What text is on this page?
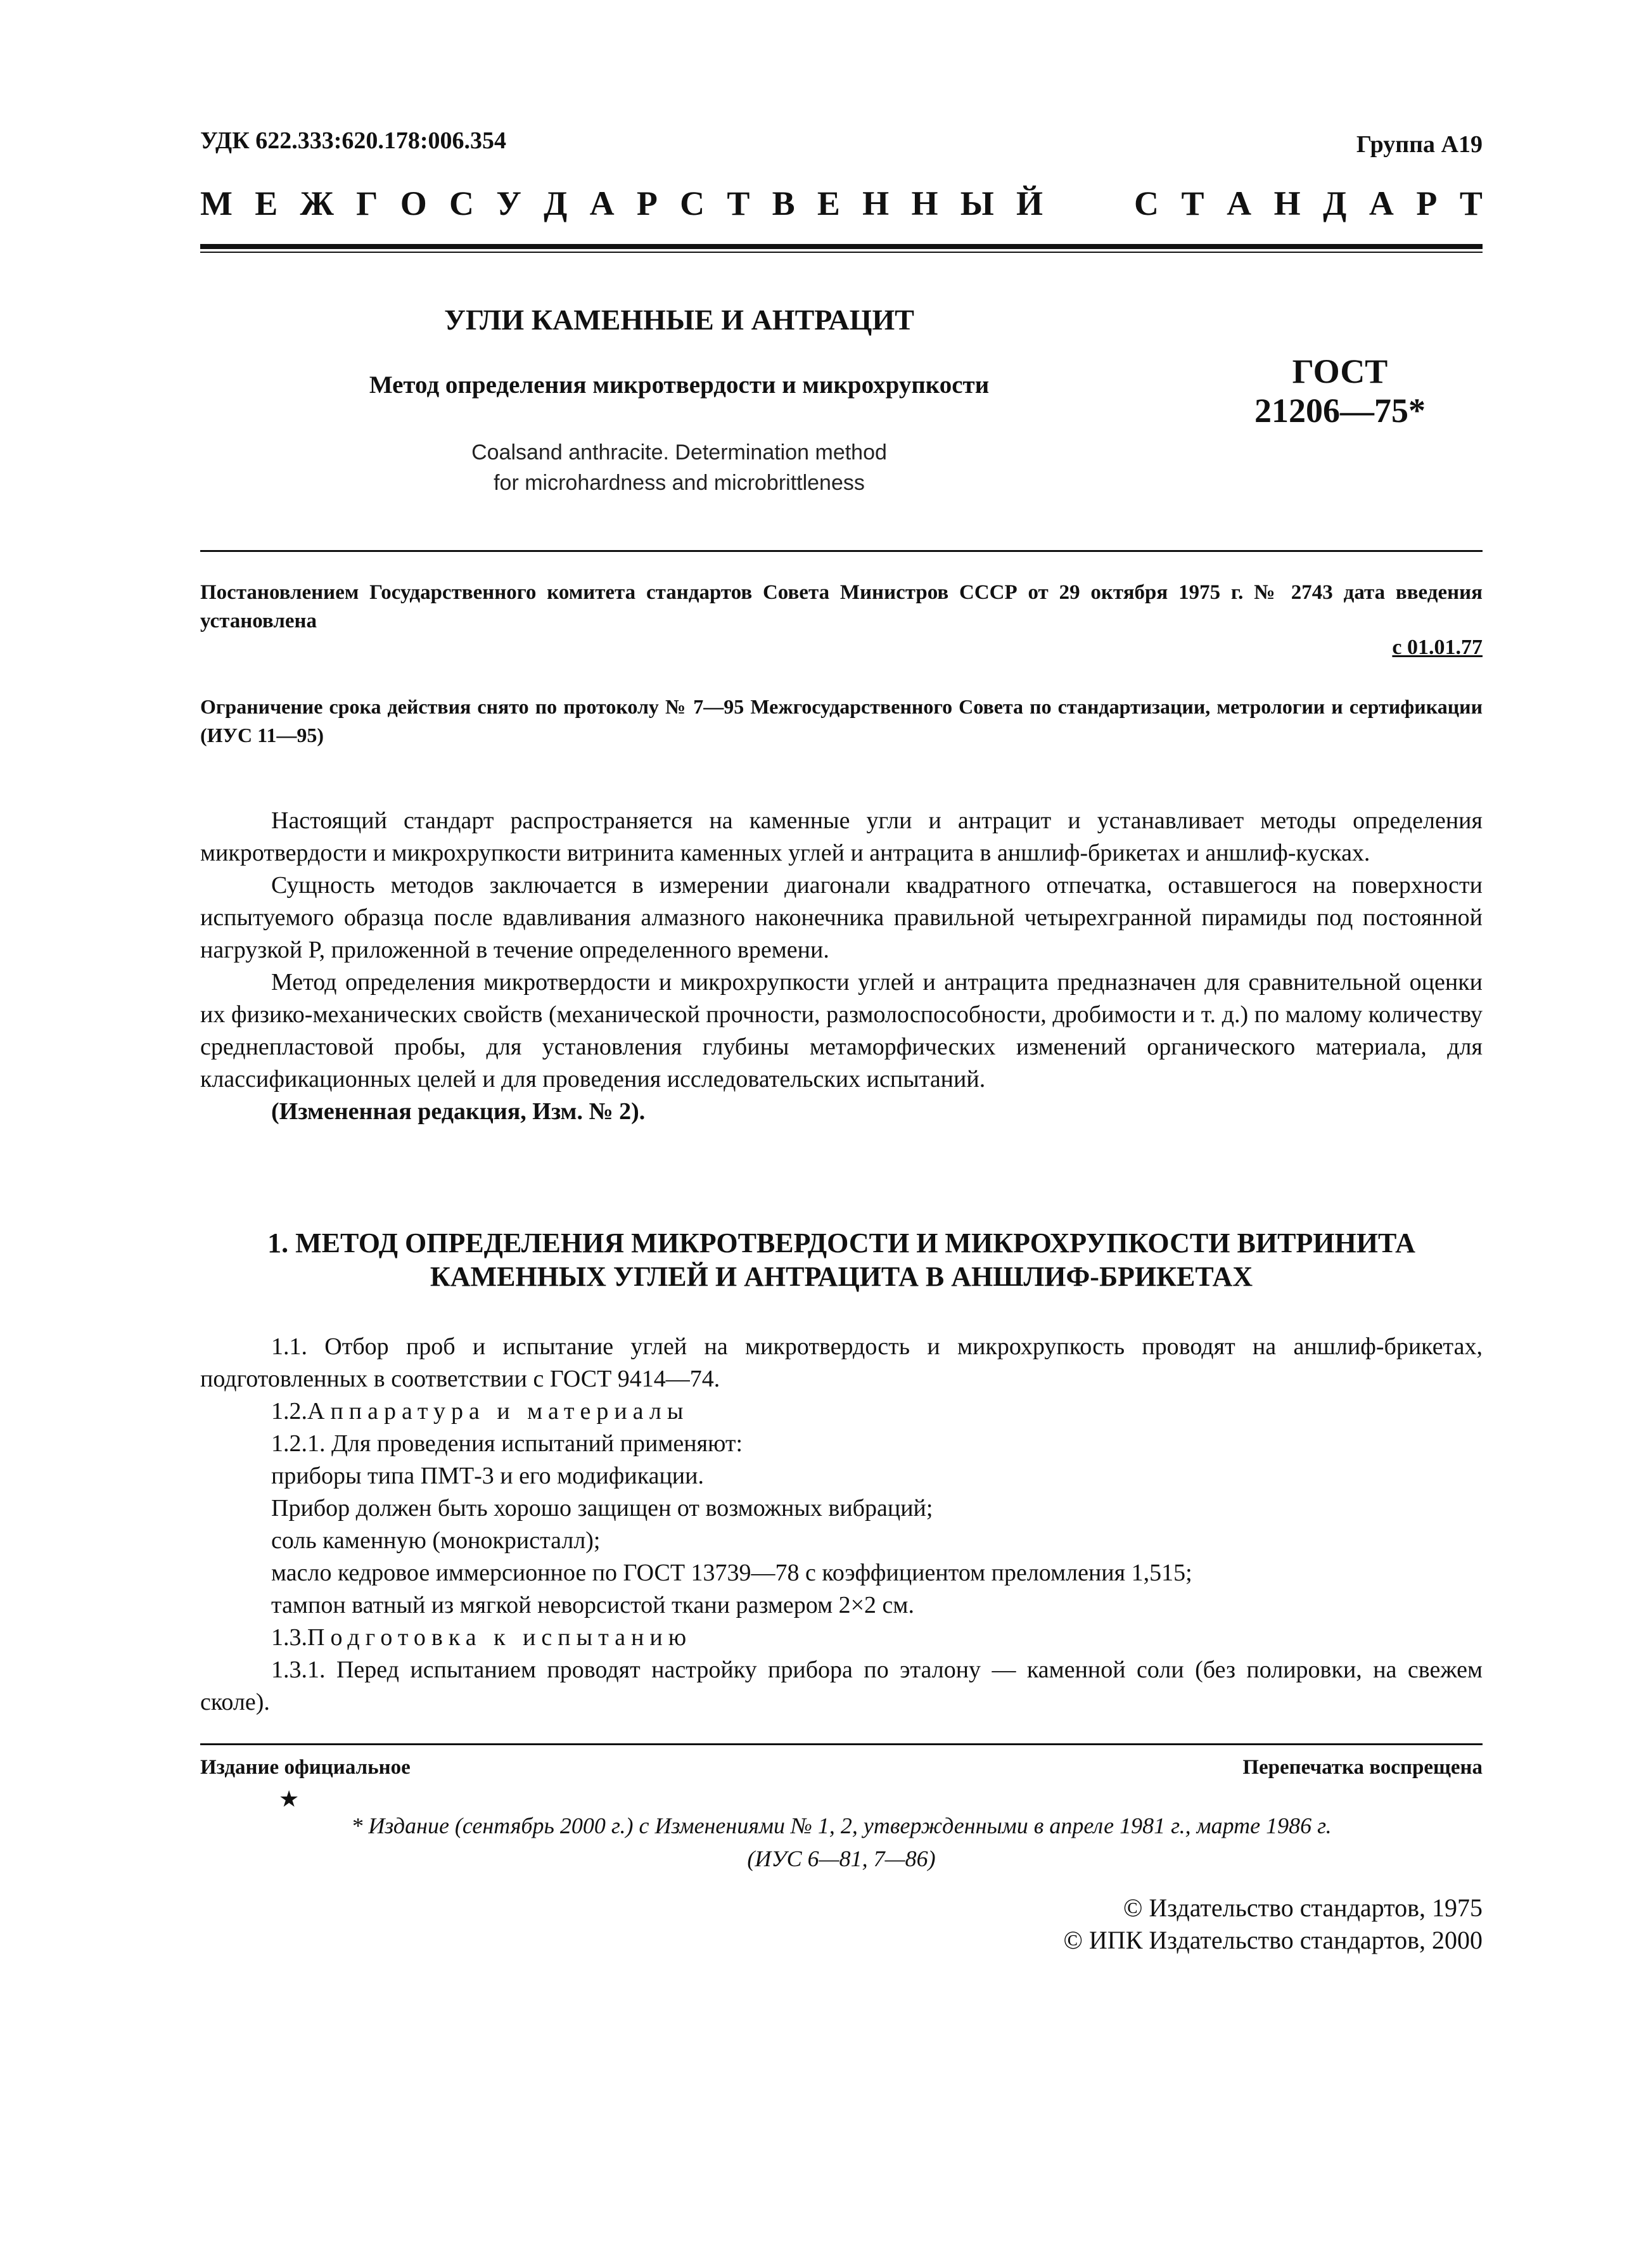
УДК 622.333:620.178:006.354	Группа А19
М Е Ж Г О С У Д А Р С Т В Е Н Н Ы Й	С Т А Н Д А Р Т
УГЛИ КАМЕННЫЕ И АНТРАЦИТ
Метод определения микротвердости и микрохрупкости
Coalsand anthracite. Determination method
for microhardness and microbrittleness
ГОСТ
21206—75*
Постановлением Государственного комитета стандартов Совета Министров СССР от 29 октября 1975 г. № 2743 дата введения установлена
с 01.01.77
Ограничение срока действия снято по протоколу № 7—95 Межгосударственного Совета по стандартизации, метрологии и сертификации (ИУС 11—95)

Настоящий стандарт распространяется на каменные угли и антрацит и устанавливает методы определения микротвердости и микрохрупкости витринита каменных углей и антрацита в аншлиф-брикетах и аншлиф-кусках.

Сущность методов заключается в измерении диагонали квадратного отпечатка, оставшегося на поверхности испытуемого образца после вдавливания алмазного наконечника правильной четырехгранной пирамиды под постоянной нагрузкой P, приложенной в течение определенного времени.

Метод определения микротвердости и микрохрупкости углей и антрацита предназначен для сравнительной оценки их физико-механических свойств (механической прочности, размолоспособности, дробимости и т. д.) по малому количеству среднепластовой пробы, для установления глубины метаморфических изменений органического материала, для классификационных целей и для проведения исследовательских испытаний.

(Измененная редакция, Изм. № 2).

1. МЕТОД ОПРЕДЕЛЕНИЯ МИКРОТВЕРДОСТИ И МИКРОХРУПКОСТИ ВИТРИНИТА
КАМЕННЫХ УГЛЕЙ И АНТРАЦИТА В АНШЛИФ-БРИКЕТАХ

1.1. Отбор проб и испытание углей на микротвердость и микрохрупкость проводят на аншлиф-брикетах, подготовленных в соответствии с ГОСТ 9414—74.

1.2.Аппаратура и материалы

1.2.1. Для проведения испытаний применяют:

приборы типа ПМТ-3 и его модификации.

Прибор должен быть хорошо защищен от возможных вибраций;

соль каменную (монокристалл);

масло кедровое иммерсионное по ГОСТ 13739—78 с коэффициентом преломления 1,515;

тампон ватный из мягкой неворсистой ткани размером 2×2 см.

1.3.Подготовка к испытанию

1.3.1. Перед испытанием проводят настройку прибора по эталону — каменной соли (без полировки, на свежем сколе).

Издание официальное	Перепечатка воспрещена
★
* Издание (сентябрь 2000 г.) с Изменениями № 1, 2, утвержденными в апреле 1981 г., марте 1986 г.
(ИУС 6—81, 7—86)
© Издательство стандартов, 1975
© ИПК Издательство стандартов, 2000
